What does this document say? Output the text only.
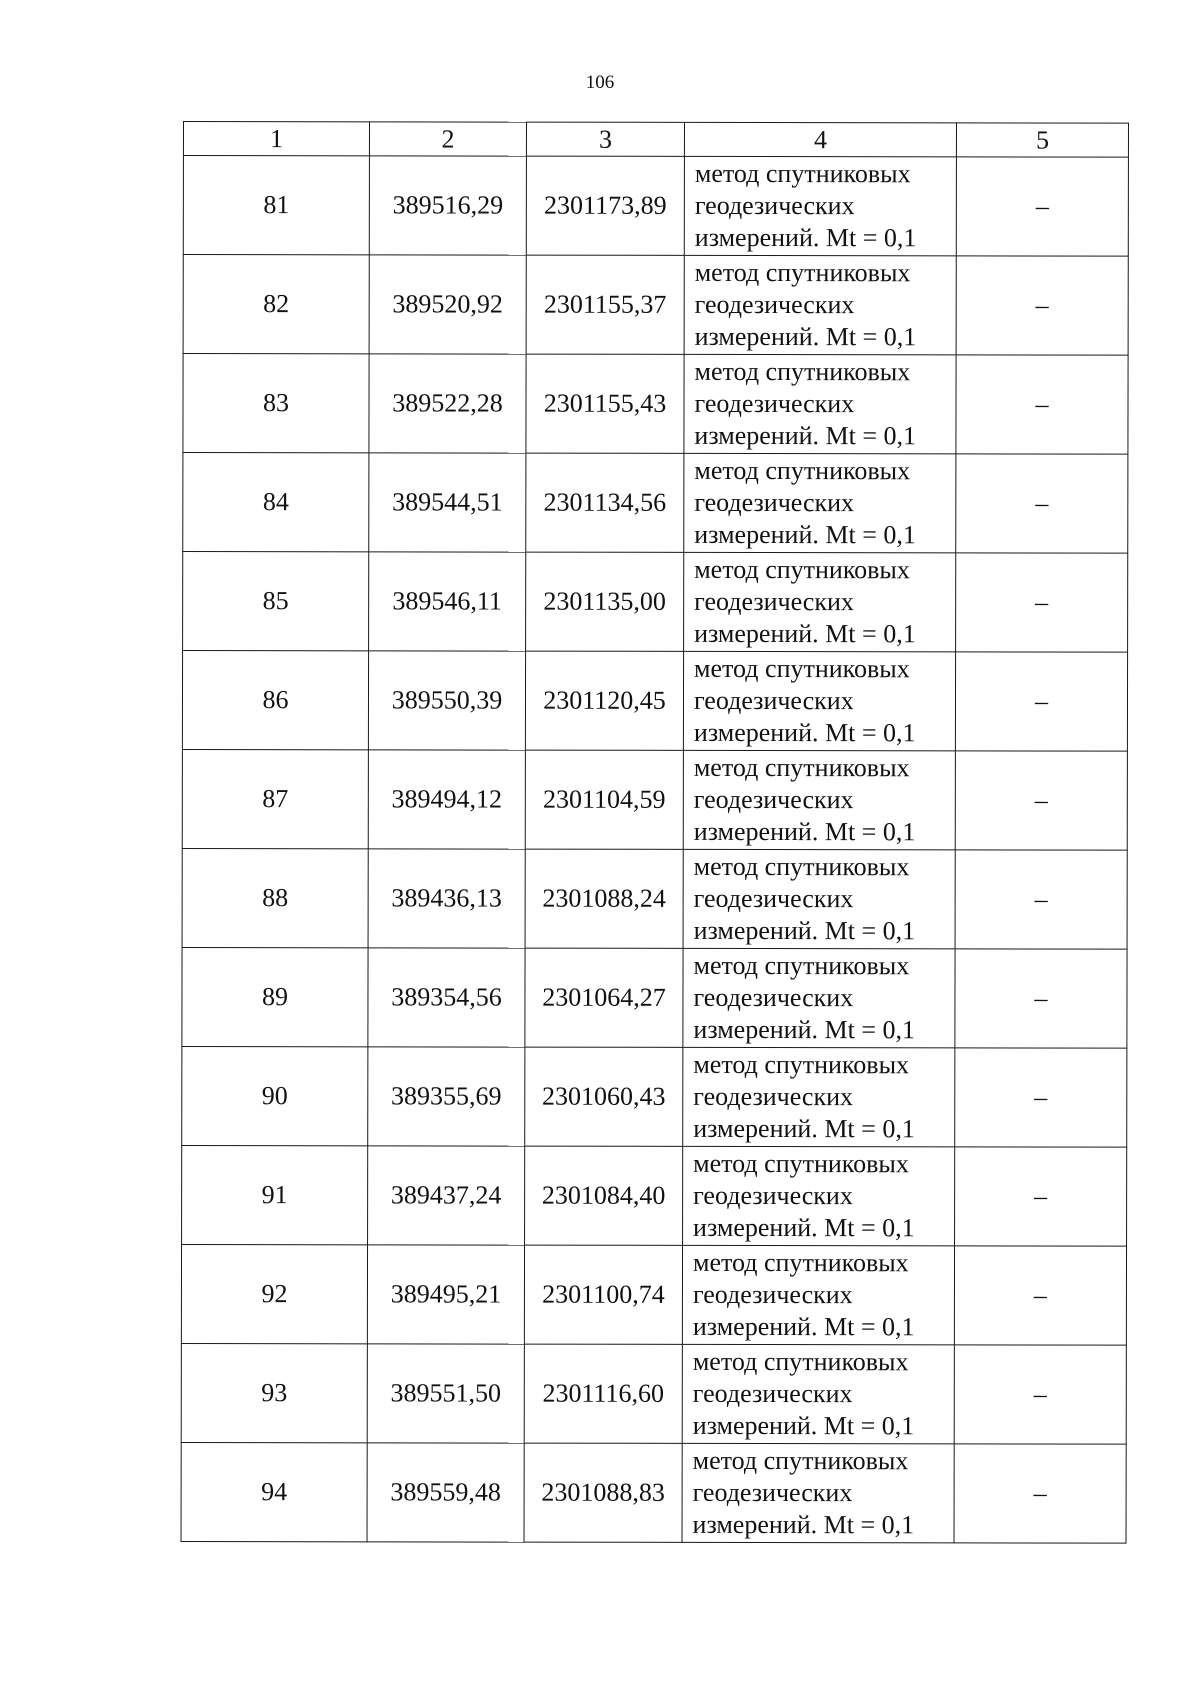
106
1	2	3	4	5
81	389516,29	2301173,89	метод спутниковых
геодезических
измерений. Mt = 0,1	–
82	389520,92	2301155,37	метод спутниковых
геодезических
измерений. Mt = 0,1	–
83	389522,28	2301155,43	метод спутниковых
геодезических
измерений. Mt = 0,1	–
84	389544,51	2301134,56	метод спутниковых
геодезических
измерений. Mt = 0,1	–
85	389546,11	2301135,00	метод спутниковых
геодезических
измерений. Mt = 0,1	–
86	389550,39	2301120,45	метод спутниковых
геодезических
измерений. Mt = 0,1	–
87	389494,12	2301104,59	метод спутниковых
геодезических
измерений. Mt = 0,1	–
88	389436,13	2301088,24	метод спутниковых
геодезических
измерений. Mt = 0,1	–
89	389354,56	2301064,27	метод спутниковых
геодезических
измерений. Mt = 0,1	–
90	389355,69	2301060,43	метод спутниковых
геодезических
измерений. Mt = 0,1	–
91	389437,24	2301084,40	метод спутниковых
геодезических
измерений. Mt = 0,1	–
92	389495,21	2301100,74	метод спутниковых
геодезических
измерений. Mt = 0,1	–
93	389551,50	2301116,60	метод спутниковых
геодезических
измерений. Mt = 0,1	–
94	389559,48	2301088,83	метод спутниковых
геодезических
измерений. Mt = 0,1	–
